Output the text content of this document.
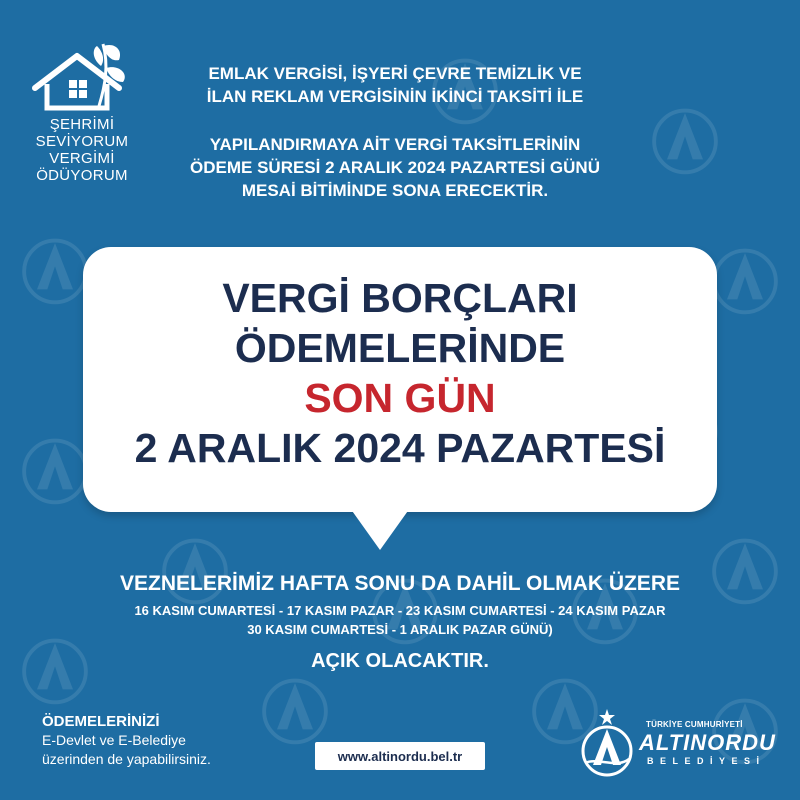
ŞEHRİMİ
SEVİYORUM
VERGİMİ
ÖDÜYORUM
EMLAK VERGİSİ, İŞYERİ ÇEVRE TEMİZLİK VE
İLAN REKLAM VERGİSİNİN İKİNCİ TAKSİTİ İLE
YAPILANDIRMAYA AİT VERGİ TAKSİTLERİNİN
ÖDEME SÜRESİ 2 ARALIK 2024 PAZARTESİ GÜNÜ
MESAİ BİTİMİNDE SONA ERECEKTİR.
VERGİ BORÇLARI
ÖDEMELERİNDE
SON GÜN
2 ARALIK 2024 PAZARTESİ
VEZNELERİMİZ HAFTA SONU DA DAHİL OLMAK ÜZERE
16 KASIM CUMARTESİ - 17 KASIM PAZAR - 23 KASIM CUMARTESİ - 24 KASIM PAZAR
30 KASIM CUMARTESİ - 1 ARALIK PAZAR GÜNÜ)
AÇIK OLACAKTIR.
ÖDEMELERİNİZİ
E-Devlet ve E-Belediye
üzerinden de yapabilirsiniz.	www.altinordu.bel.tr
TÜRKİYE CUMHURİYETİ
ALTINORDU
BELEDİYESİ
